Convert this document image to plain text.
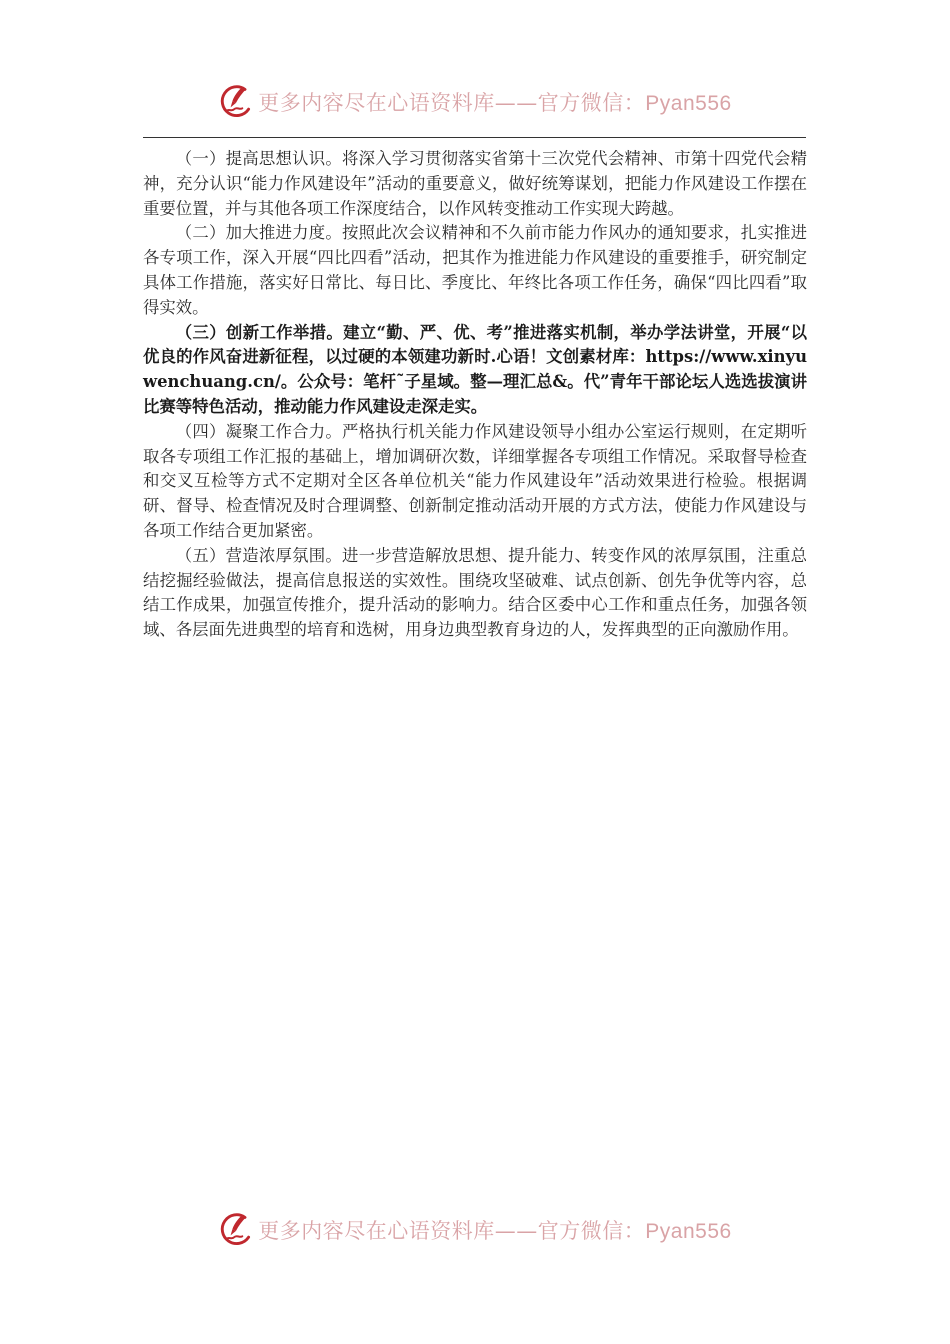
更多内容尽在心语资料库——官方微信：Pyan556

（一）提高思想认识。将深入学习贯彻落实省第十三次党代会精神、市第十四党代会精神，充分认识“能力作风建设年”活动的重要意义，做好统筹谋划，把能力作风建设工作摆在重要位置，并与其他各项工作深度结合，以作风转变推动工作实现大跨越。

（二）加大推进力度。按照此次会议精神和不久前市能力作风办的通知要求，扎实推进各专项工作，深入开展“四比四看”活动，把其作为推进能力作风建设的重要推手，研究制定具体工作措施，落实好日常比、每日比、季度比、年终比各项工作任务，确保“四比四看”取得实效。

（三）创新工作举措。建立“勤、严、优、考”推进落实机制，举办学法讲堂，开展“以优良的作风奋进新征程，以过硬的本领建功新时.心语！文创素材库：https://www.xinyuwenchuang.cn/。公众号：笔杆˜子星域。整—理汇总&。代”青年干部论坛人选选拔演讲比赛等特色活动，推动能力作风建设走深走实。

（四）凝聚工作合力。严格执行机关能力作风建设领导小组办公室运行规则，在定期听取各专项组工作汇报的基础上，增加调研次数，详细掌握各专项组工作情况。采取督导检查和交叉互检等方式不定期对全区各单位机关“能力作风建设年”活动效果进行检验。根据调研、督导、检查情况及时合理调整、创新制定推动活动开展的方式方法，使能力作风建设与各项工作结合更加紧密。

（五）营造浓厚氛围。进一步营造解放思想、提升能力、转变作风的浓厚氛围，注重总结挖掘经验做法，提高信息报送的实效性。围绕攻坚破难、试点创新、创先争优等内容，总结工作成果，加强宣传推介，提升活动的影响力。结合区委中心工作和重点任务，加强各领域、各层面先进典型的培育和选树，用身边典型教育身边的人，发挥典型的正向激励作用。

更多内容尽在心语资料库——官方微信：Pyan556
